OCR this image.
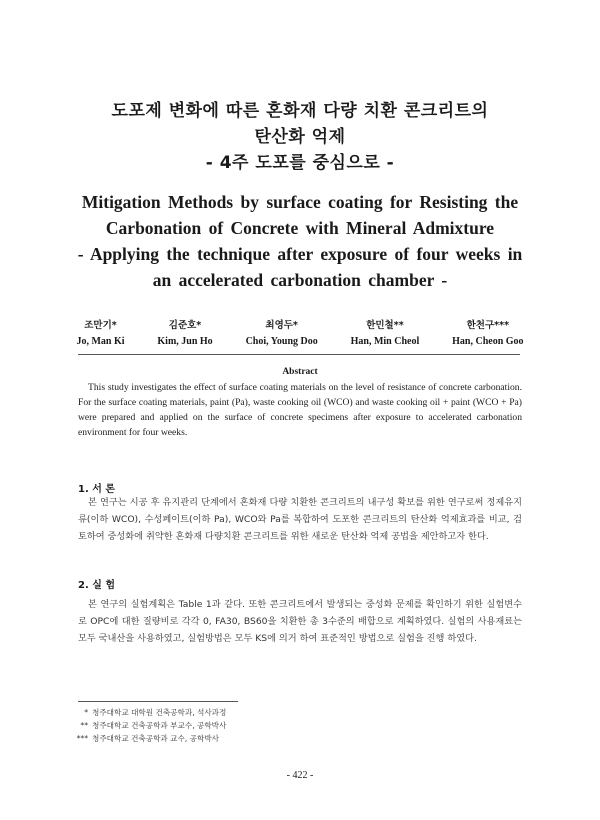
도포제 변화에 따른 혼화재 다량 치환 콘크리트의
탄산화 억제
- 4주 도포를 중심으로 -
Mitigation Methods by surface coating for Resisting the
Carbonation of Concrete with Mineral Admixture
- Applying the technique after exposure of four weeks in
an accelerated carbonation chamber -
조만기*
Jo, Man Ki
김준호*
Kim, Jun Ho
최영두*
Choi, Young Doo
한민철**
Han, Min Cheol
한천구***
Han, Cheon Goo
Abstract

This study investigates the effect of surface coating materials on the level of resistance of concrete carbonation. For the surface coating materials, paint (Pa), waste cooking oil (WCO) and waste cooking oil + paint (WCO + Pa) were prepared and applied on the surface of concrete specimens after exposure to accelerated carbonation environment for four weeks.

1. 서 론

본 연구는 시공 후 유지관리 단계에서 혼화재 다량 치환한 콘크리트의 내구성 확보를 위한 연구로써 정제유지류(이하 WCO), 수성페이트(이하 Pa), WCO와 Pa를 복합하여 도포한 콘크리트의 탄산화 억제효과를 비교, 검토하여 중성화에 취약한 혼화재 다량치환 콘크리트를 위한 새로운 탄산화 억제 공법을 제안하고자 한다.

2. 실 험

본 연구의 실험계획은 Table 1과 같다. 또한 콘크리트에서 발생되는 중성화 문제를 확인하기 위한 실험변수로 OPC에 대한 질량비로 각각 0, FA30, BS60을 치환한 총 3수준의 배합으로 계획하였다. 실험의 사용재료는 모두 국내산을 사용하였고, 실험방법은 모두 KS에 의거 하여 표준적인 방법으로 실험을 진행 하였다.

* 청주대학교 대학원 건축공학과, 석사과정
** 청주대학교 건축공학과 부교수, 공학박사
*** 청주대학교 건축공학과 교수, 공학박사
- 422 -
